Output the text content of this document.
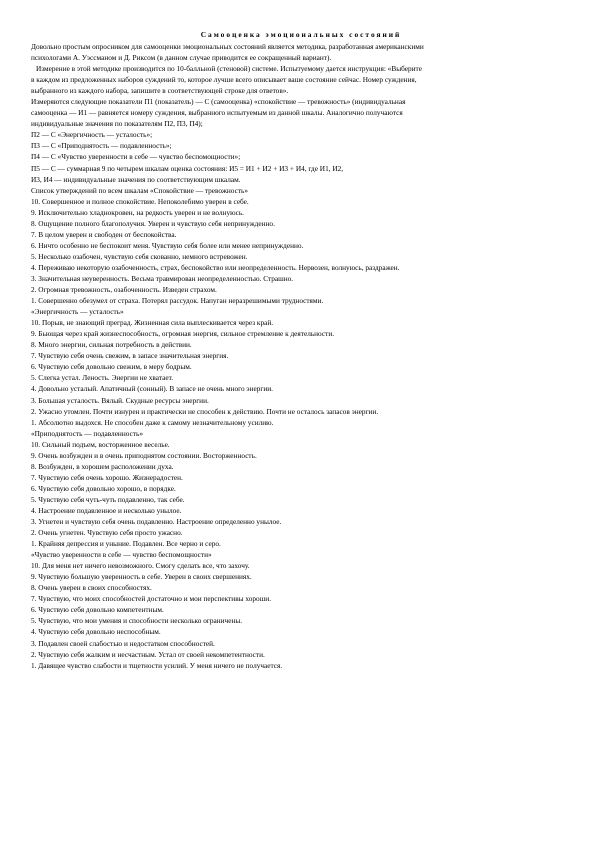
Самооценка эмоциональных состояний
Довольно простым опросником для самооценки эмоциональных состояний является методика, разработанная американскими
психологами А. Уэссманом и Д. Риксом (в данном случае приводится ее сокращенный вариант).
Измерение в этой методике производится по 10-балльной (стеновой) системе. Испытуемому дается инструкция: «Выберите
в каждом из предложенных наборов суждений то, которое лучше всего описывает ваше состояние сейчас. Номер суждения,
выбранного из каждого набора, запишите в соответствующей строке для ответов».
Измеряются следующие показатели П1 (показатель) — С (самооценка) «спокойствие — тревожность» (индивидуальная
самооценка — И1 — равняется номеру суждения, выбранного испытуемым из данной шкалы. Аналогично получаются
индивидуальные значения по показателям П2, П3, П4);
П2 — С «Энергичность — усталость»;
П3 — С «Приподнятость — подавленность»;
П4 — С «Чувство уверенности в себе — чувство беспомощности»;
П5 — С — суммарная 9 по четырем шкалам оценка состояния: И5 = И1 + И2 + И3 + И4, где И1, И2,
И3, И4 — индивидуальные значения по соответствующим шкалам.
Список утверждений по всем шкалам «Спокойствие — тревожность»
10. Совершенное и полное спокойствие. Непоколебимо уверен в себе.
9. Исключительно хладнокровен, на редкость уверен и не волнуюсь.
8. Ощущение полного благополучия. Уверен и чувствую себя непринужденно.
7. В целом уверен и свободен от беспокойства.
6. Ничто особенно не беспокоит меня. Чувствую себя более или менее непринужденно.
5. Несколько озабочен, чувствую себя скованно, немного встревожен.
4. Переживаю некоторую озабоченность, страх, беспокойство или неопределенность. Нервозен, волнуюсь, раздражен.
3. Значительная неуверенность. Весьма травмирован неопределенностью. Страшно.
2. Огромная тревожность, озабоченность. Изведен страхом.
1. Совершенно обезумел от страха. Потерял рассудок. Напуган неразрешимыми трудностями.
«Энергичность — усталость»
10. Порыв, не знающий преград. Жизненная сила выплескивается через край.
9. Бьющая через край жизнеспособность, огромная энергия, сильное стремление к деятельности.
8. Много энергии, сильная потребность в действии.
7. Чувствую себя очень свежим, в запасе значительная энергия.
6. Чувствую себя довольно свежим, в меру бодрым.
5. Слегка устал. Леность. Энергии не хватает.
4. Довольно усталый. Апатичный (сонный). В запасе не очень много энергии.
3. Большая усталость. Вялый. Скудные ресурсы энергии.
2. Ужасно утомлен. Почти изнурен и практически не способен к действию. Почти не осталось запасов энергии.
1. Абсолютно выдохся. Не способен даже к самому незначительному усилию.
«Приподнятость — подавленность»
10. Сильный подъем, восторженное веселье.
9. Очень возбужден и в очень приподнятом состоянии. Восторженность.
8. Возбужден, в хорошем расположении духа.
7. Чувствую себя очень хорошо. Жизнерадостен.
6. Чувствую себя довольно хорошо, в порядке.
5. Чувствую себя чуть-чуть подавленно, так себе.
4. Настроение подавленное и несколько унылое.
3. Угнетен и чувствую себя очень подавленно. Настроение определенно унылое.
2. Очень угнетен. Чувствую себя просто ужасно.
1. Крайняя депрессия и уныние. Подавлен. Все черно и серо.
«Чувство уверенности в себе — чувство беспомощности»
10. Для меня нет ничего невозможного. Смогу сделать все, что захочу.
9. Чувствую большую уверенность в себе. Уверен в своих свершениях.
8. Очень уверен в своих способностях.
7. Чувствую, что моих способностей достаточно и мои перспективы хороши.
6. Чувствую себя довольно компетентным.
5. Чувствую, что мои умения и способности несколько ограничены.
4. Чувствую себя довольно неспособным.
3. Подавлен своей слабостью и недостатком способностей.
2. Чувствую себя жалким и несчастным. Устал от своей некомпетентности.
1. Давящее чувство слабости и тщетности усилий. У меня ничего не получается.
